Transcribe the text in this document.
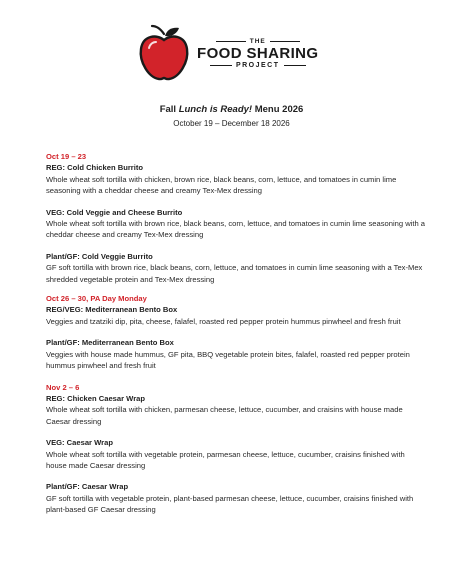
THE
FOOD SHARING
PROJECT
Fall Lunch is Ready! Menu 2026
October 19 – December 18 2026
Oct 19 – 23
REG: Cold Chicken Burrito
Whole wheat soft tortilla with chicken, brown rice, black beans, corn, lettuce, and tomatoes in cumin lime seasoning with a cheddar cheese and creamy Tex-Mex dressing
VEG: Cold Veggie and Cheese Burrito
Whole wheat soft tortilla with brown rice, black beans, corn, lettuce, and tomatoes in cumin lime seasoning with a cheddar cheese and creamy Tex-Mex dressing
Plant/GF: Cold Veggie Burrito
GF soft tortilla with brown rice, black beans, corn, lettuce, and tomatoes in cumin lime seasoning with a Tex-Mex shredded vegetable protein and Tex-Mex dressing
Oct 26 – 30, PA Day Monday
REG/VEG: Mediterranean Bento Box
Veggies and tzatziki dip, pita, cheese, falafel, roasted red pepper protein hummus pinwheel and fresh fruit
Plant/GF: Mediterranean Bento Box
Veggies with house made hummus, GF pita, BBQ vegetable protein bites, falafel, roasted red pepper protein hummus pinwheel and fresh fruit
Nov 2 – 6
REG: Chicken Caesar Wrap
Whole wheat soft tortilla with chicken, parmesan cheese, lettuce, cucumber, and craisins with house made Caesar dressing
VEG: Caesar Wrap
Whole wheat soft tortilla with vegetable protein, parmesan cheese, lettuce, cucumber, craisins finished with house made Caesar dressing
Plant/GF: Caesar Wrap
GF soft tortilla with vegetable protein, plant-based parmesan cheese, lettuce, cucumber, craisins finished with plant-based GF Caesar dressing
